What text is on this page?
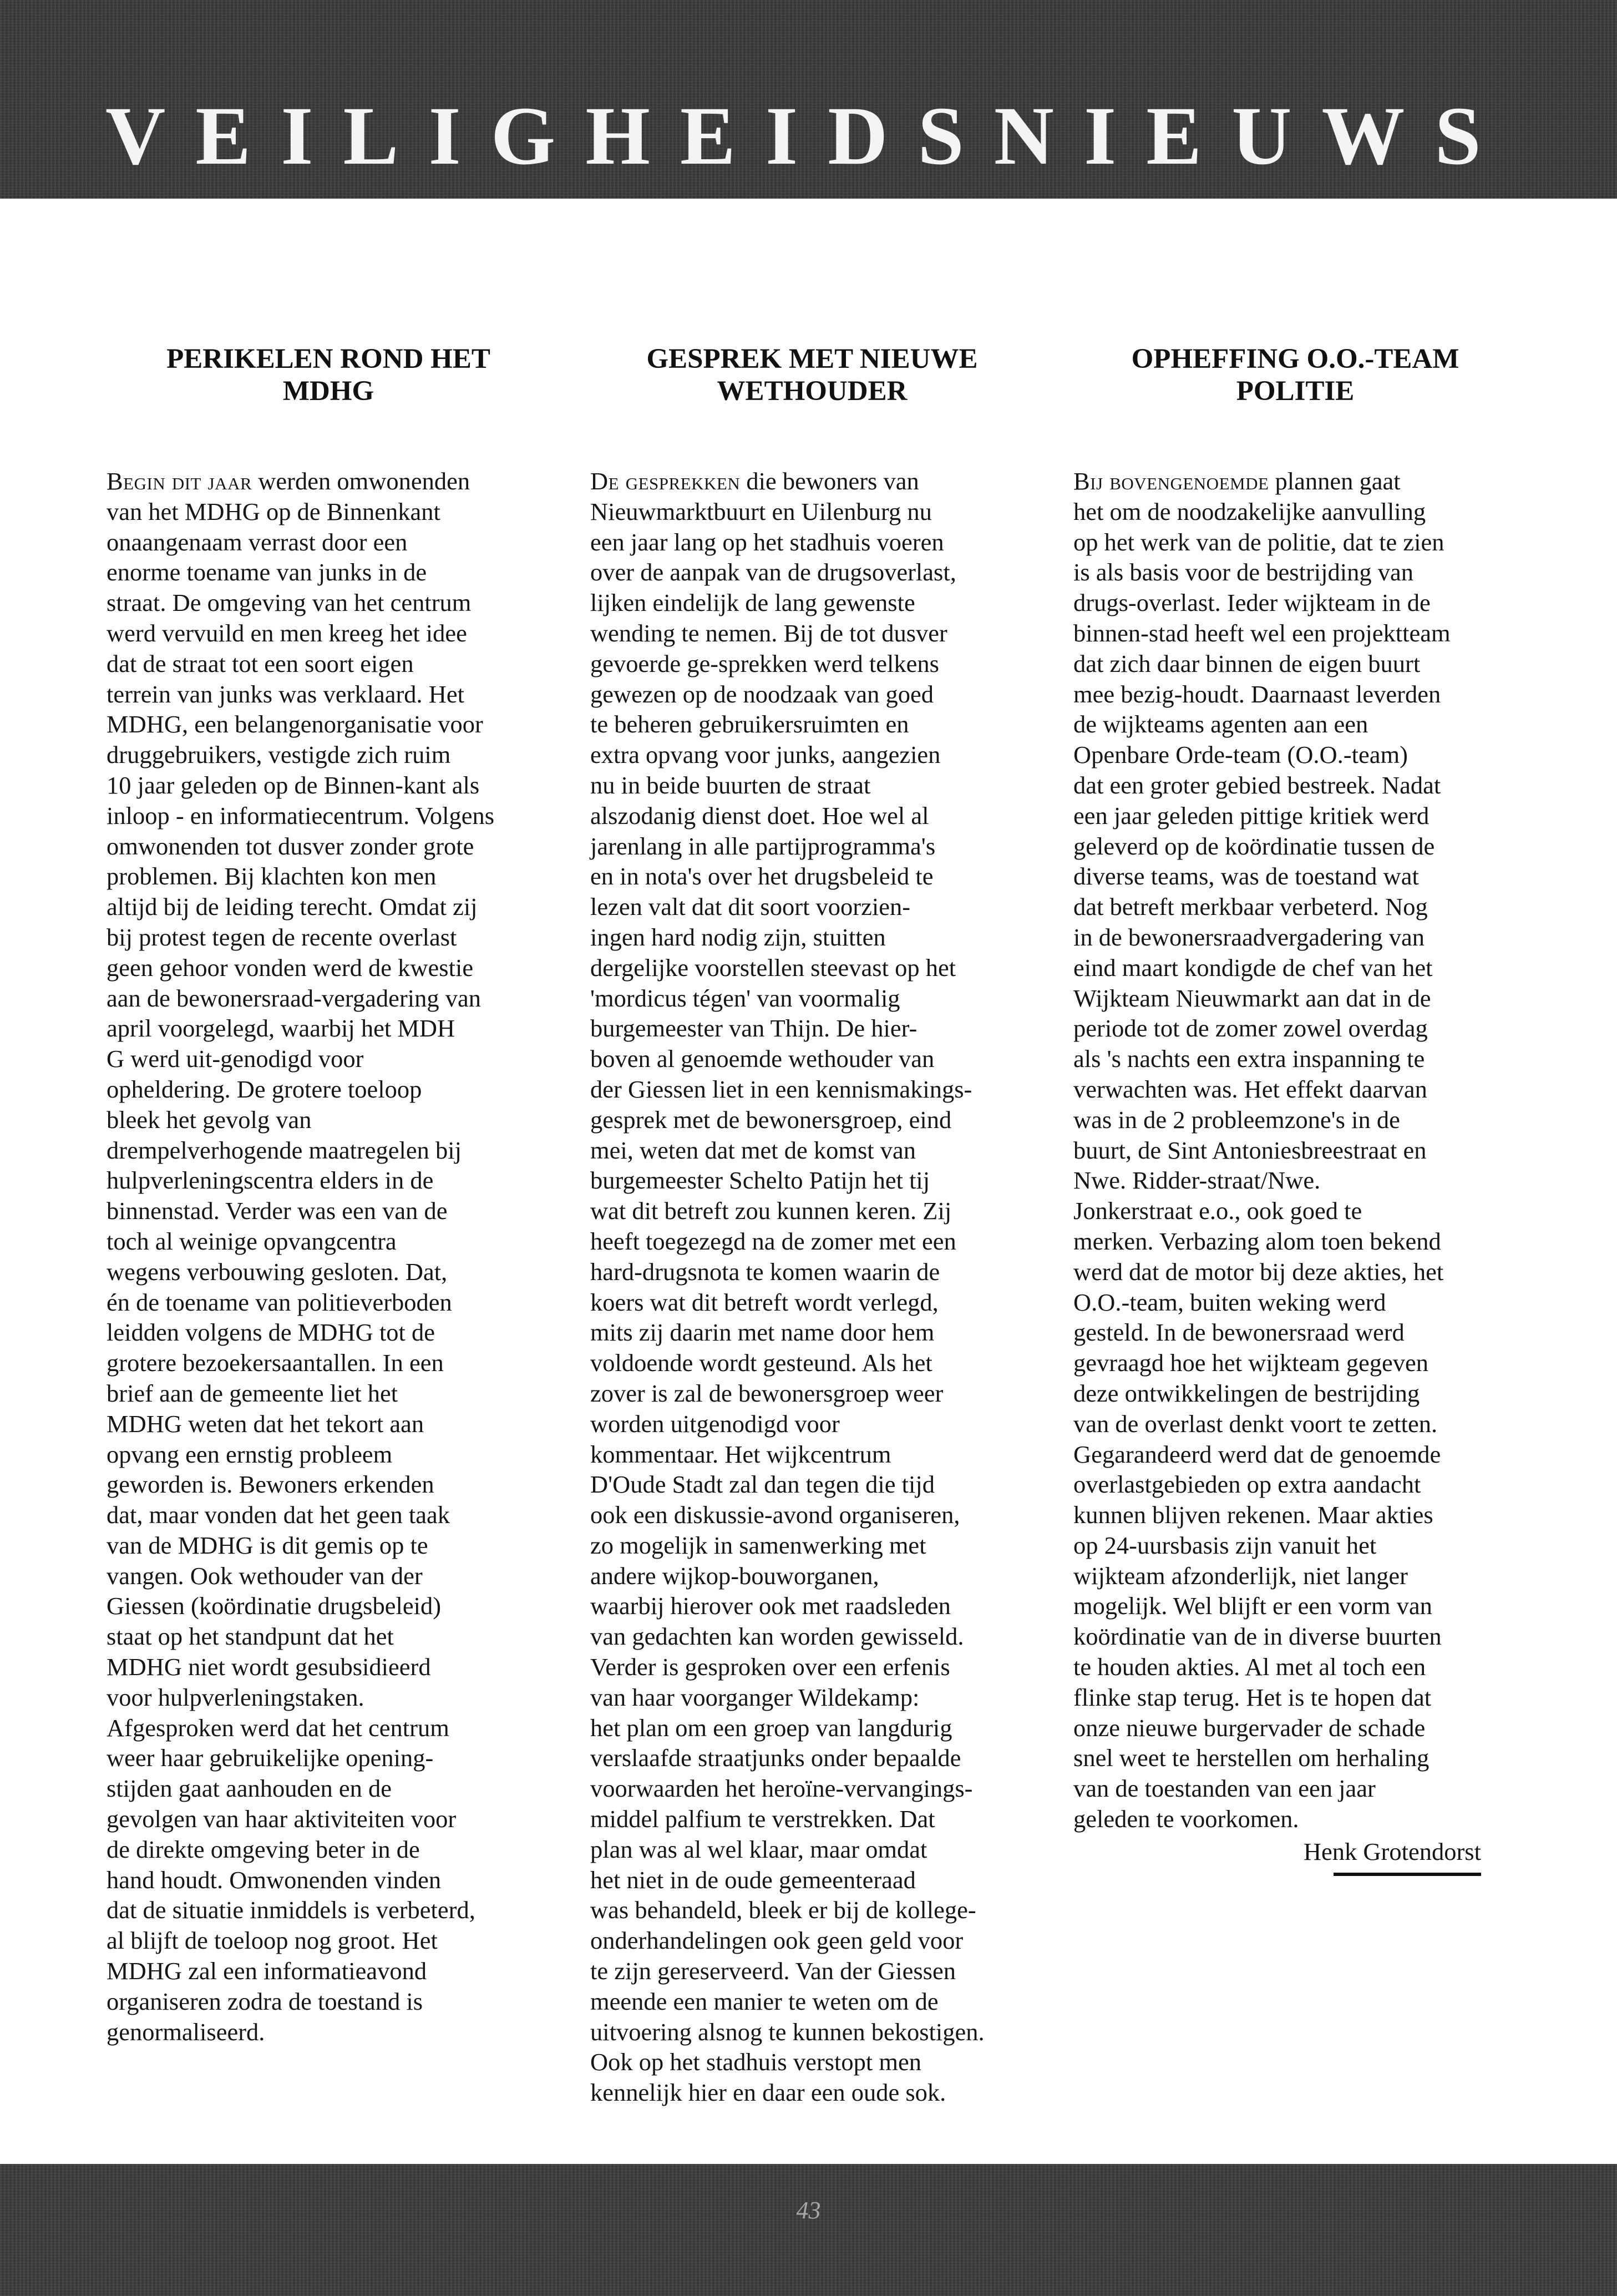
V E I L I G H E I D S N I E U W S
PERIKELEN ROND HET
MDHG

Begin dit jaar werden omwonenden
van het MDHG op de Binnenkant
onaangenaam verrast door een
enorme toename van junks in de
straat. De omgeving van het centrum
werd vervuild en men kreeg het idee
dat de straat tot een soort eigen
terrein van junks was verklaard. Het
MDHG, een belangenorganisatie voor
druggebruikers, vestigde zich ruim
10 jaar geleden op de Binnen-kant als
inloop - en informatiecentrum. Volgens
omwonenden tot dusver zonder grote
problemen. Bij klachten kon men
altijd bij de leiding terecht. Omdat zij
bij protest tegen de recente overlast
geen gehoor vonden werd de kwestie
aan de bewonersraad-vergadering van
april voorgelegd, waarbij het MDH
G werd uit-genodigd voor
opheldering. De grotere toeloop
bleek het gevolg van
drempelverhogende maatregelen bij
hulpverleningscentra elders in de
binnenstad. Verder was een van de
toch al weinige opvangcentra
wegens verbouwing gesloten. Dat,
én de toename van politieverboden
leidden volgens de MDHG tot de
grotere bezoekersaantallen. In een
brief aan de gemeente liet het
MDHG weten dat het tekort aan
opvang een ernstig probleem
geworden is. Bewoners erkenden
dat, maar vonden dat het geen taak
van de MDHG is dit gemis op te
vangen. Ook wethouder van der
Giessen (koördinatie drugsbeleid)
staat op het standpunt dat het
MDHG niet wordt gesubsidieerd
voor hulpverleningstaken.
Afgesproken werd dat het centrum
weer haar gebruikelijke opening-
stijden gaat aanhouden en de
gevolgen van haar aktiviteiten voor
de direkte omgeving beter in de
hand houdt. Omwonenden vinden
dat de situatie inmiddels is verbeterd,
al blijft de toeloop nog groot. Het
MDHG zal een informatieavond
organiseren zodra de toestand is
genormaliseerd.

GESPREK MET NIEUWE
WETHOUDER

De gesprekken die bewoners van
Nieuwmarktbuurt en Uilenburg nu
een jaar lang op het stadhuis voeren
over de aanpak van de drugsoverlast,
lijken eindelijk de lang gewenste
wending te nemen. Bij de tot dusver
gevoerde ge-sprekken werd telkens
gewezen op de noodzaak van goed
te beheren gebruikersruimten en
extra opvang voor junks, aangezien
nu in beide buurten de straat
alszodanig dienst doet. Hoe wel al
jarenlang in alle partijprogramma's
en in nota's over het drugsbeleid te
lezen valt dat dit soort voorzien-
ingen hard nodig zijn, stuitten
dergelijke voorstellen steevast op het
'mordicus tégen' van voormalig
burgemeester van Thijn. De hier-
boven al genoemde wethouder van
der Giessen liet in een kennismakings-
gesprek met de bewonersgroep, eind
mei, weten dat met de komst van
burgemeester Schelto Patijn het tij
wat dit betreft zou kunnen keren. Zij
heeft toegezegd na de zomer met een
hard-drugsnota te komen waarin de
koers wat dit betreft wordt verlegd,
mits zij daarin met name door hem
voldoende wordt gesteund. Als het
zover is zal de bewonersgroep weer
worden uitgenodigd voor
kommentaar. Het wijkcentrum
D'Oude Stadt zal dan tegen die tijd
ook een diskussie-avond organiseren,
zo mogelijk in samenwerking met
andere wijkop-bouworganen,
waarbij hierover ook met raadsleden
van gedachten kan worden gewisseld.
Verder is gesproken over een erfenis
van haar voorganger Wildekamp:
het plan om een groep van langdurig
verslaafde straatjunks onder bepaalde
voorwaarden het heroïne-vervangings-
middel palfium te verstrekken. Dat
plan was al wel klaar, maar omdat
het niet in de oude gemeenteraad
was behandeld, bleek er bij de kollege-
onderhandelingen ook geen geld voor
te zijn gereserveerd. Van der Giessen
meende een manier te weten om de
uitvoering alsnog te kunnen bekostigen.
Ook op het stadhuis verstopt men
kennelijk hier en daar een oude sok.

OPHEFFING O.O.-TEAM
POLITIE

Bij bovengenoemde plannen gaat
het om de noodzakelijke aanvulling
op het werk van de politie, dat te zien
is als basis voor de bestrijding van
drugs-overlast. Ieder wijkteam in de
binnen-stad heeft wel een projektteam
dat zich daar binnen de eigen buurt
mee bezig-houdt. Daarnaast leverden
de wijkteams agenten aan een
Openbare Orde-team (O.O.-team)
dat een groter gebied bestreek. Nadat
een jaar geleden pittige kritiek werd
geleverd op de koördinatie tussen de
diverse teams, was de toestand wat
dat betreft merkbaar verbeterd. Nog
in de bewonersraadvergadering van
eind maart kondigde de chef van het
Wijkteam Nieuwmarkt aan dat in de
periode tot de zomer zowel overdag
als 's nachts een extra inspanning te
verwachten was. Het effekt daarvan
was in de 2 probleemzone's in de
buurt, de Sint Antoniesbreestraat en
Nwe. Ridder-straat/Nwe.
Jonkerstraat e.o., ook goed te
merken. Verbazing alom toen bekend
werd dat de motor bij deze akties, het
O.O.-team, buiten weking werd
gesteld. In de bewonersraad werd
gevraagd hoe het wijkteam gegeven
deze ontwikkelingen de bestrijding
van de overlast denkt voort te zetten.
Gegarandeerd werd dat de genoemde
overlastgebieden op extra aandacht
kunnen blijven rekenen. Maar akties
op 24-uursbasis zijn vanuit het
wijkteam afzonderlijk, niet langer
mogelijk. Wel blijft er een vorm van
koördinatie van de in diverse buurten
te houden akties. Al met al toch een
flinke stap terug. Het is te hopen dat
onze nieuwe burgervader de schade
snel weet te herstellen om herhaling
van de toestanden van een jaar
geleden te voorkomen.

Henk Grotendorst
43
